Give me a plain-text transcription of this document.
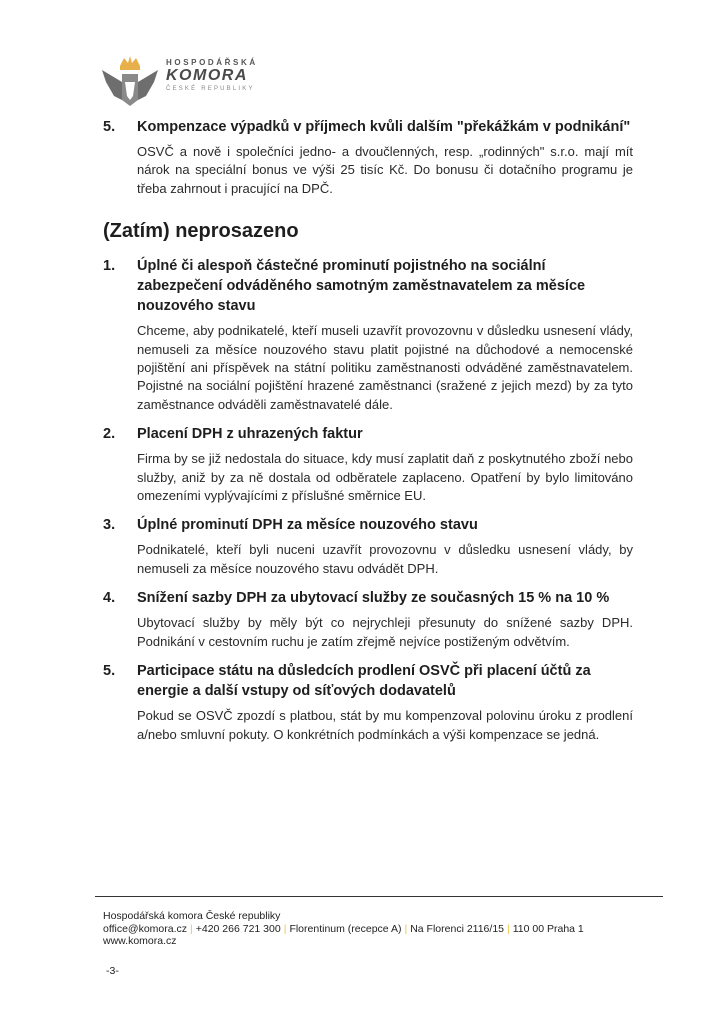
HOSPODÁŘSKÁ
KOMORA
ČESKÉ REPUBLIKY
5. Kompenzace výpadků v příjmech kvůli dalším "překážkám v podnikání"

OSVČ a nově i společníci jedno- a dvoučlenných, resp. „rodinných" s.r.o. mají mít nárok na speciální bonus ve výši 25 tisíc Kč. Do bonusu či dotačního programu je třeba zahrnout i pracující na DPČ.

(Zatím) neprosazeno
1. Úplné či alespoň částečné prominutí pojistného na sociální zabezpečení odváděného samotným zaměstnavatelem za měsíce nouzového stavu

Chceme, aby podnikatelé, kteří museli uzavřít provozovnu v důsledku usnesení vlády, nemuseli za měsíce nouzového stavu platit pojistné na důchodové a nemocenské pojištění ani příspěvek na státní politiku zaměstnanosti odváděné zaměstnavatelem. Pojistné na sociální pojištění hrazené zaměstnanci (sražené z jejich mezd) by za tyto zaměstnance odváděli zaměstnavatelé dále.

2. Placení DPH z uhrazených faktur

Firma by se již nedostala do situace, kdy musí zaplatit daň z poskytnutého zboží nebo služby, aniž by za ně dostala od odběratele zaplaceno. Opatření by bylo limitováno omezeními vyplývajícími z příslušné směrnice EU.

3. Úplné prominutí DPH za měsíce nouzového stavu

Podnikatelé, kteří byli nuceni uzavřít provozovnu v důsledku usnesení vlády, by nemuseli za měsíce nouzového stavu odvádět DPH.

4. Snížení sazby DPH za ubytovací služby ze současných 15 % na 10 %

Ubytovací služby by měly být co nejrychleji přesunuty do snížené sazby DPH. Podnikání v cestovním ruchu je zatím zřejmě nejvíce postiženým odvětvím.

5. Participace státu na důsledcích prodlení OSVČ při placení účtů za energie a další vstupy od síťových dodavatelů

Pokud se OSVČ zpozdí s platbou, stát by mu kompenzoval polovinu úroku z prodlení a/nebo smluvní pokuty. O konkrétních podmínkách a výši kompenzace se jedná.

Hospodářská komora České republiky
office@komora.cz | +420 266 721 300 | Florentinum (recepce A) | Na Florenci 2116/15 | 110 00 Praha 1
www.komora.cz
-3-
